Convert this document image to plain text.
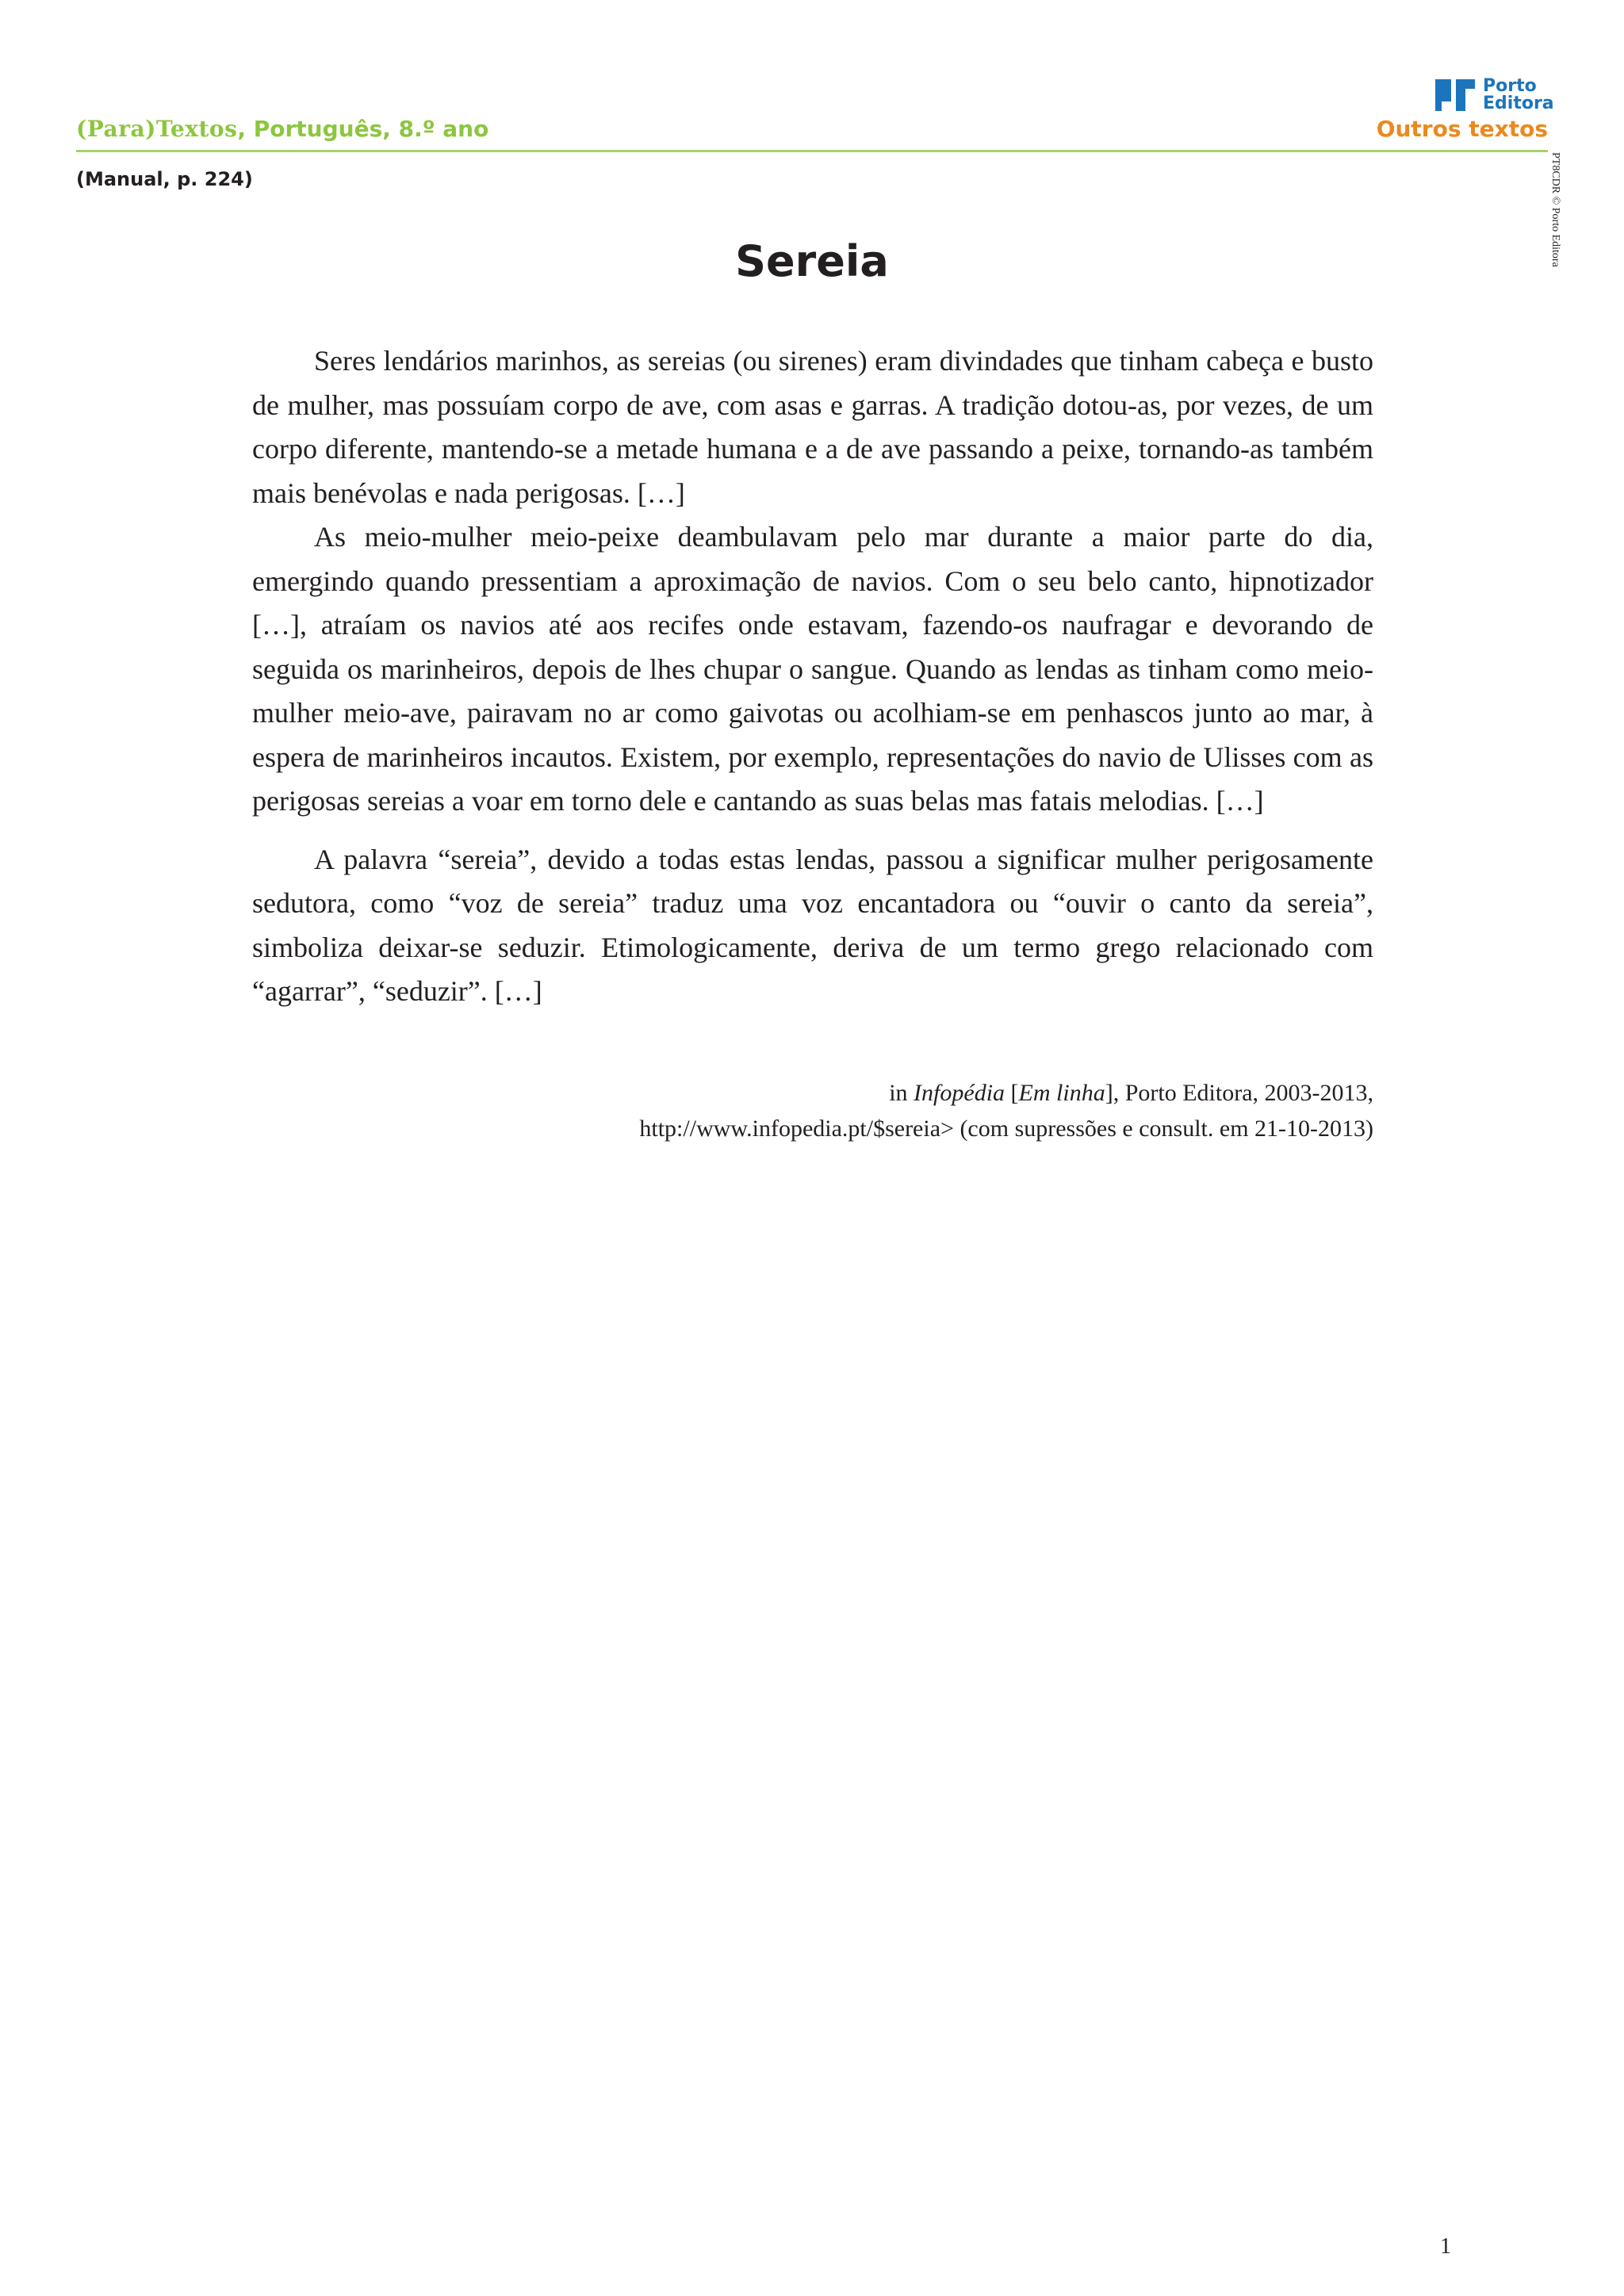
(Para)Textos, Português, 8.º ano
Porto
Editora
Outros textos
PT8CDR © Porto Editora
(Manual, p. 224)
Sereia

Seres lendários marinhos, as sereias (ou sirenes) eram divindades que tinham cabeça e busto de mulher, mas possuíam corpo de ave, com asas e garras. A tradição dotou-as, por vezes, de um corpo diferente, mantendo-se a metade humana e a de ave passando a peixe, tornando-as também mais benévolas e nada perigosas. […]

As meio-mulher meio-peixe deambulavam pelo mar durante a maior parte do dia, emergindo quando pressentiam a aproximação de navios. Com o seu belo canto, hipnotizador […], atraíam os navios até aos recifes onde estavam, fazendo-os naufragar e devorando de seguida os marinheiros, depois de lhes chupar o sangue. Quando as lendas as tinham como meio-mulher meio-ave, pairavam no ar como gaivotas ou acolhiam-se em penhascos junto ao mar, à espera de marinheiros incautos. Existem, por exemplo, representações do navio de Ulisses com as perigosas sereias a voar em torno dele e cantando as suas belas mas fatais melodias. […]

A palavra “sereia”, devido a todas estas lendas, passou a significar mulher perigosamente sedutora, como “voz de sereia” traduz uma voz encantadora ou “ouvir o canto da sereia”, simboliza deixar-se seduzir. Etimologicamente, deriva de um termo grego relacionado com “agarrar”, “seduzir”. […]

in Infopédia [Em linha], Porto Editora, 2003-2013,
http://www.infopedia.pt/$sereia> (com supressões e consult. em 21-10-2013)
1
